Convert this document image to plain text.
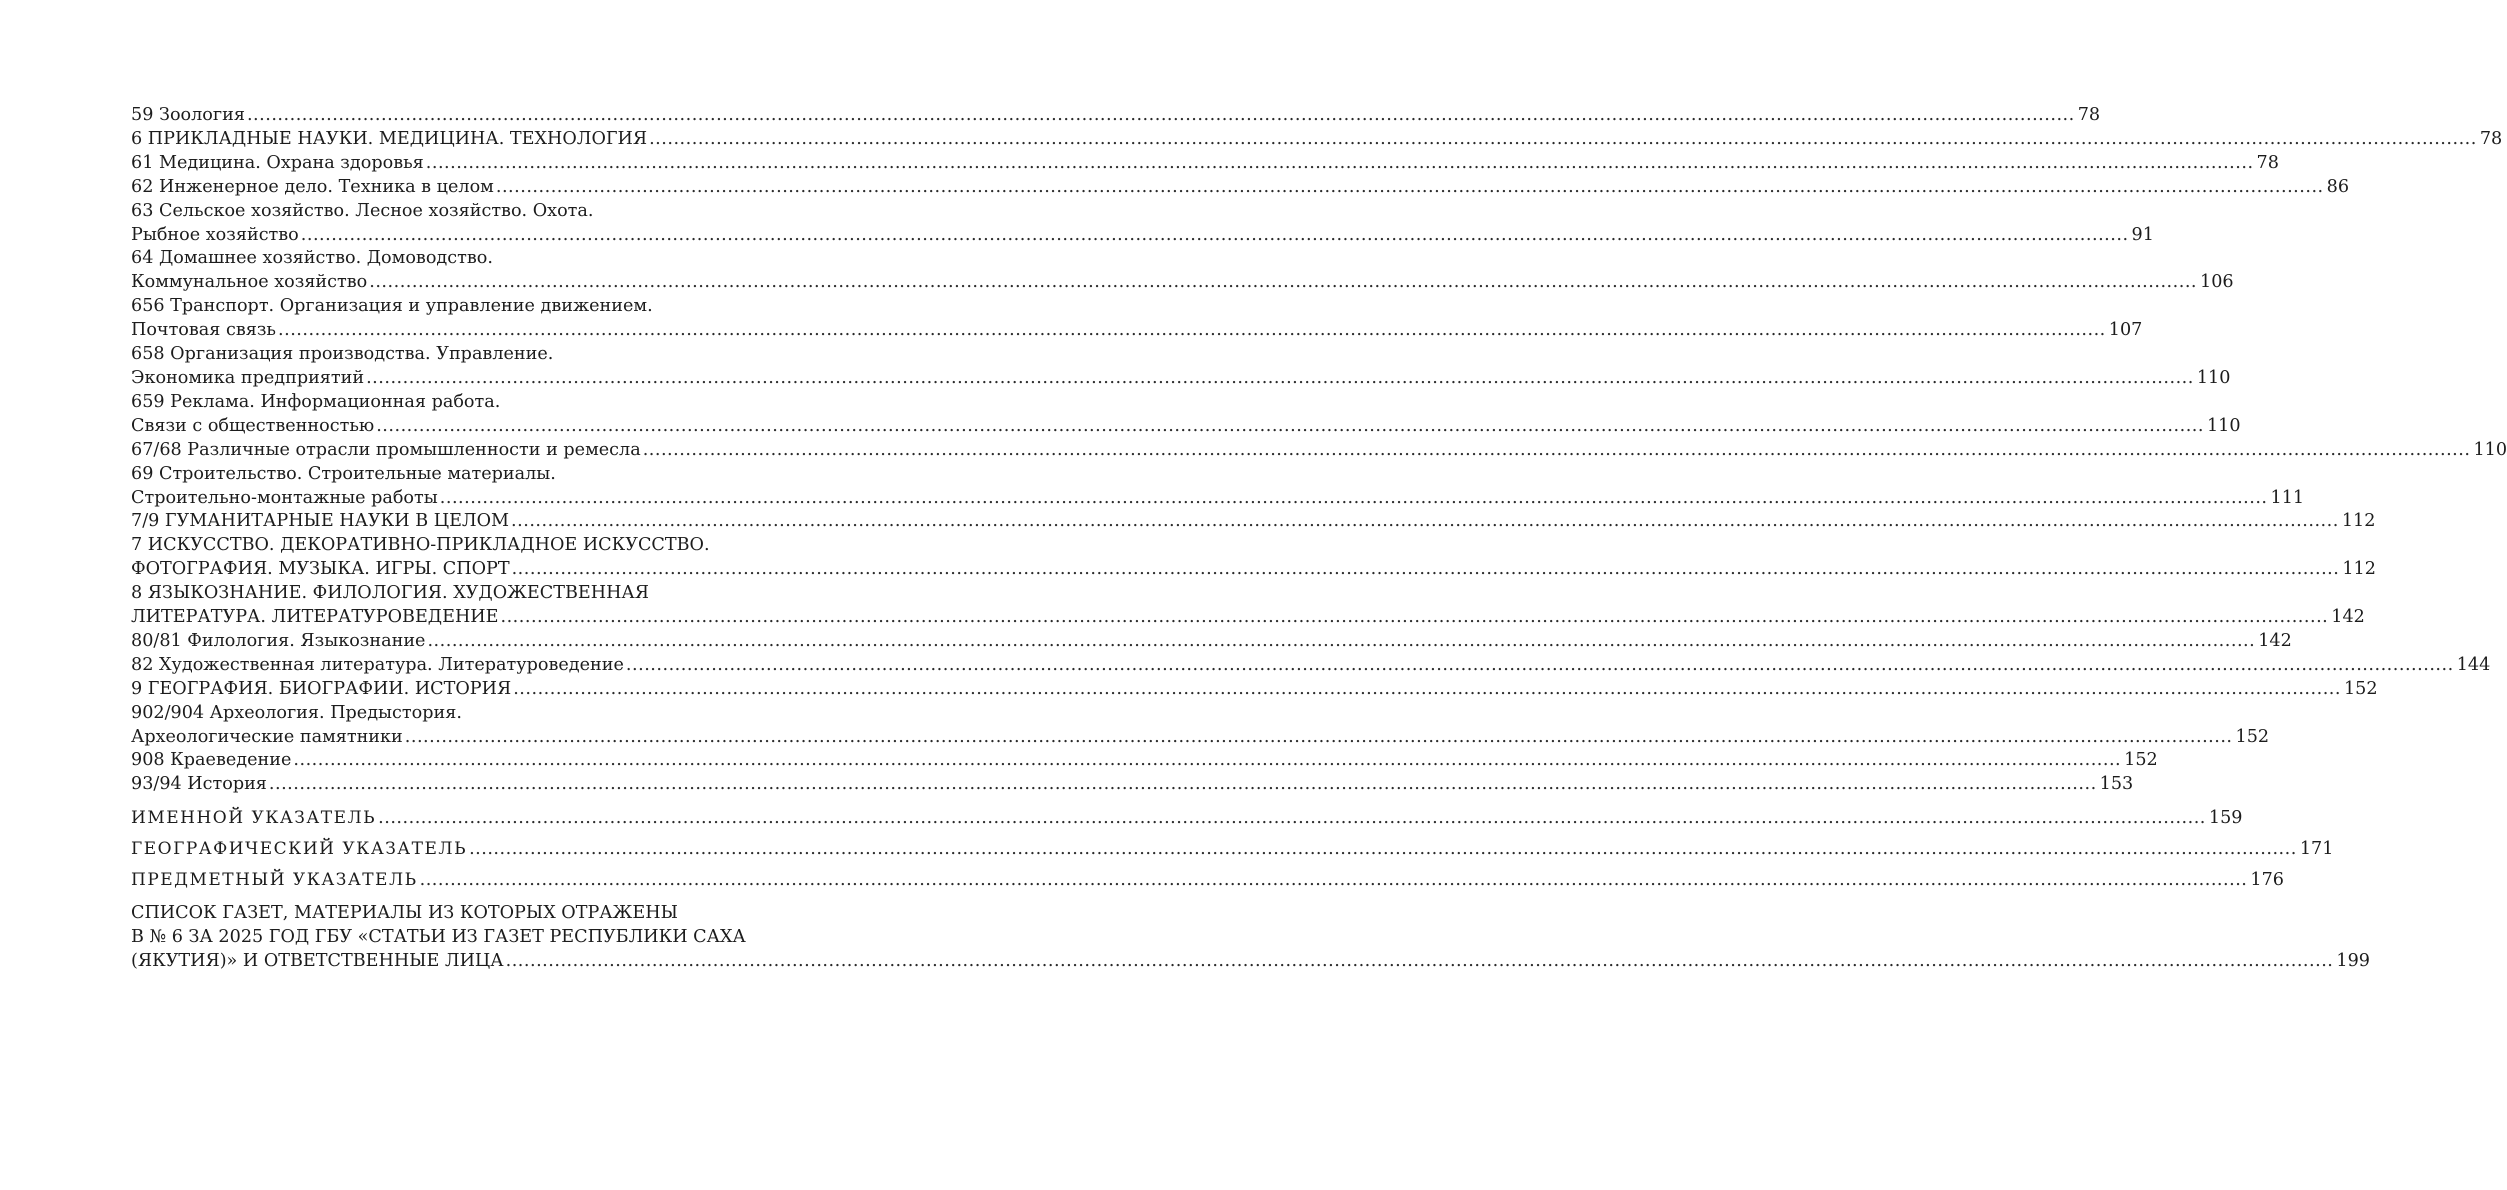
59 Зоология ............................................................................................................................................................................................................................................................................................................ 78
6 ПРИКЛАДНЫЕ НАУКИ. МЕДИЦИНА. ТЕХНОЛОГИЯ ............................................................................................................................................................................................................................................................................................................ 78
61 Медицина. Охрана здоровья ............................................................................................................................................................................................................................................................................................................ 78
62 Инженерное дело. Техника в целом ............................................................................................................................................................................................................................................................................................................ 86
63 Сельское хозяйство. Лесное хозяйство. Охота.
Рыбное хозяйство ............................................................................................................................................................................................................................................................................................................ 91
64 Домашнее хозяйство. Домоводство.
Коммунальное хозяйство ............................................................................................................................................................................................................................................................................................................ 106
656 Транспорт. Организация и управление движением.
Почтовая связь ............................................................................................................................................................................................................................................................................................................ 107
658 Организация производства. Управление.
Экономика предприятий ............................................................................................................................................................................................................................................................................................................ 110
659 Реклама. Информационная работа.
Связи с общественностью ............................................................................................................................................................................................................................................................................................................ 110
67/68 Различные отрасли промышленности и ремесла ............................................................................................................................................................................................................................................................................................................ 110
69 Строительство. Строительные материалы.
Строительно-монтажные работы ............................................................................................................................................................................................................................................................................................................ 111
7/9 ГУМАНИТАРНЫЕ НАУКИ В ЦЕЛОМ ............................................................................................................................................................................................................................................................................................................ 112
7 ИСКУССТВО. ДЕКОРАТИВНО-ПРИКЛАДНОЕ ИСКУССТВО.
ФОТОГРАФИЯ. МУЗЫКА. ИГРЫ. СПОРТ ............................................................................................................................................................................................................................................................................................................ 112
8 ЯЗЫКОЗНАНИЕ. ФИЛОЛОГИЯ. ХУДОЖЕСТВЕННАЯ
ЛИТЕРАТУРА. ЛИТЕРАТУРОВЕДЕНИЕ ............................................................................................................................................................................................................................................................................................................ 142
80/81 Филология. Языкознание ............................................................................................................................................................................................................................................................................................................ 142
82 Художественная литература. Литературоведение ............................................................................................................................................................................................................................................................................................................ 144
9 ГЕОГРАФИЯ. БИОГРАФИИ. ИСТОРИЯ ............................................................................................................................................................................................................................................................................................................ 152
902/904 Археология. Предыстория.
Археологические памятники ............................................................................................................................................................................................................................................................................................................ 152
908 Краеведение ............................................................................................................................................................................................................................................................................................................ 152
93/94 История ............................................................................................................................................................................................................................................................................................................ 153
ИМЕННОЙ УКАЗАТЕЛЬ ............................................................................................................................................................................................................................................................................................................ 159
ГЕОГРАФИЧЕСКИЙ УКАЗАТЕЛЬ ............................................................................................................................................................................................................................................................................................................ 171
ПРЕДМЕТНЫЙ УКАЗАТЕЛЬ ............................................................................................................................................................................................................................................................................................................ 176
СПИСОК ГАЗЕТ, МАТЕРИАЛЫ ИЗ КОТОРЫХ ОТРАЖЕНЫ
В № 6 ЗА 2025 ГОД ГБУ «СТАТЬИ ИЗ ГАЗЕТ РЕСПУБЛИКИ САХА
(ЯКУТИЯ)» И ОТВЕТСТВЕННЫЕ ЛИЦА ............................................................................................................................................................................................................................................................................................................ 199
